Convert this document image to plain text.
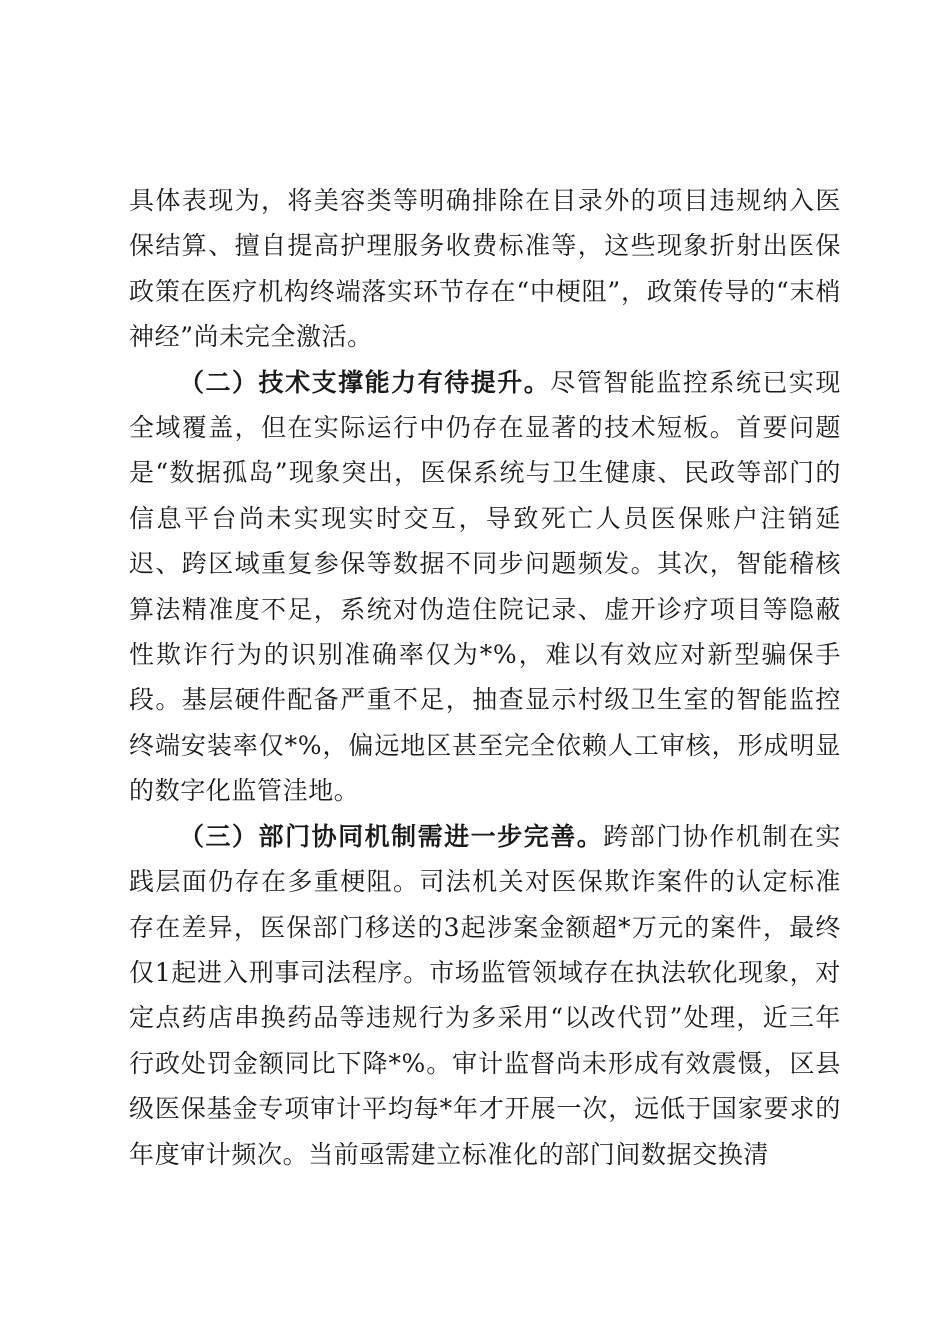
具体表现为，将美容类等明确排除在目录外的项目违规纳入医保结算、擅自提高护理服务收费标准等，这些现象折射出医保政策在医疗机构终端落实环节存在“中梗阻”，政策传导的“末梢神经”尚未完全激活。

（二）技术支撑能力有待提升。尽管智能监控系统已实现全域覆盖，但在实际运行中仍存在显著的技术短板。首要问题是“数据孤岛”现象突出，医保系统与卫生健康、民政等部门的信息平台尚未实现实时交互，导致死亡人员医保账户注销延迟、跨区域重复参保等数据不同步问题频发。其次，智能稽核算法精准度不足，系统对伪造住院记录、虚开诊疗项目等隐蔽性欺诈行为的识别准确率仅为*%，难以有效应对新型骗保手段。基层硬件配备严重不足，抽查显示村级卫生室的智能监控终端安装率仅*%，偏远地区甚至完全依赖人工审核，形成明显的数字化监管洼地。

（三）部门协同机制需进一步完善。跨部门协作机制在实践层面仍存在多重梗阻。司法机关对医保欺诈案件的认定标准存在差异，医保部门移送的3起涉案金额超*万元的案件，最终仅1起进入刑事司法程序。市场监管领域存在执法软化现象，对定点药店串换药品等违规行为多采用“以改代罚”处理，近三年行政处罚金额同比下降*%。审计监督尚未形成有效震慑，区县级医保基金专项审计平均每*年才开展一次，远低于国家要求的年度审计频次。当前亟需建立标准化的部门间数据交换清
